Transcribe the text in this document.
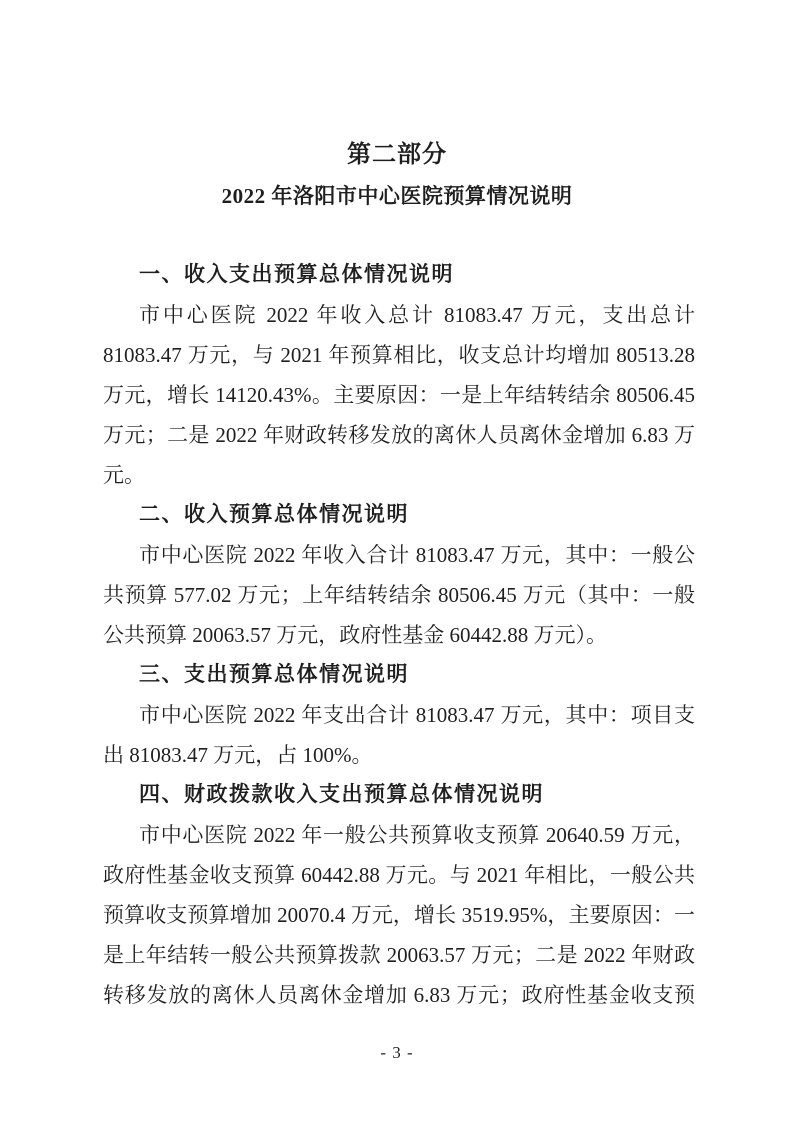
第二部分
2022 年洛阳市中心医院预算情况说明
一、收入支出预算总体情况说明
市中心医院 2022 年收入总计 81083.47 万元，支出总计
81083.47 万元，与 2021 年预算相比，收支总计均增加 80513.28
万元，增长 14120.43%。主要原因：一是上年结转结余 80506.45
万元；二是 2022 年财政转移发放的离休人员离休金增加 6.83 万
元。
二、收入预算总体情况说明
市中心医院 2022 年收入合计 81083.47 万元，其中：一般公
共预算 577.02 万元；上年结转结余 80506.45 万元（其中：一般
公共预算 20063.57 万元，政府性基金 60442.88 万元）。
三、支出预算总体情况说明
市中心医院 2022 年支出合计 81083.47 万元，其中：项目支
出 81083.47 万元，占 100%。
四、财政拨款收入支出预算总体情况说明
市中心医院 2022 年一般公共预算收支预算 20640.59 万元，
政府性基金收支预算 60442.88 万元。与 2021 年相比，一般公共
预算收支预算增加 20070.4 万元，增长 3519.95%，主要原因：一
是上年结转一般公共预算拨款 20063.57 万元；二是 2022 年财政
转移发放的离休人员离休金增加 6.83 万元；政府性基金收支预
- 3 -
